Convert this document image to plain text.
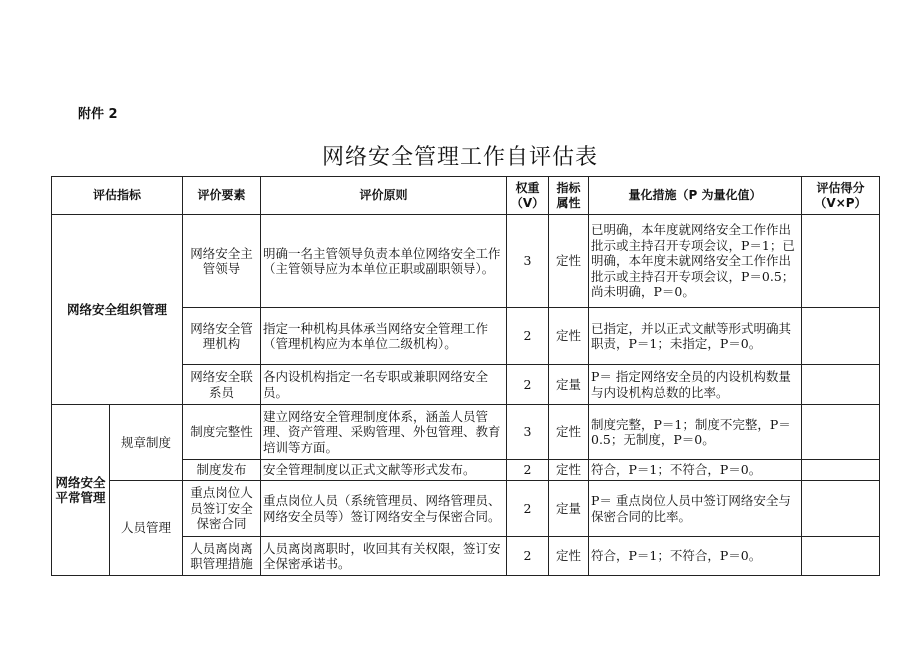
附件 2
网络安全管理工作自评估表
评估指标		评价要素	评价原则	权重（V）	指标属性	量化措施（P 为量化值）	评估得分（V×P）
网络安全组织管理		网络安全主管领导	明确一名主管领导负责本单位网络安全工作（主管领导应为本单位正职或副职领导）。	3	定性	已明确，本年度就网络安全工作作出批示或主持召开专项会议，P＝1；已明确，本年度未就网络安全工作作出批示或主持召开专项会议，P＝0.5；尚未明确，P＝0。	
		网络安全管理机构	指定一种机构具体承当网络安全管理工作（管理机构应为本单位二级机构）。	2	定性	已指定，并以正式文献等形式明确其职责，P＝1；未指定，P＝0。	
		网络安全联系员	各内设机构指定一名专职或兼职网络安全员。	2	定量	P＝ 指定网络安全员的内设机构数量与内设机构总数的比率。	
网络安全平常管理	规章制度	制度完整性	建立网络安全管理制度体系，涵盖人员管理、资产管理、采购管理、外包管理、教育培训等方面。	3	定性	制度完整，P＝1；制度不完整，P＝0.5；无制度，P＝0。	
		制度发布	安全管理制度以正式文献等形式发布。	2	定性	符合，P＝1；不符合，P＝0。	
	人员管理	重点岗位人员签订安全保密合同	重点岗位人员（系统管理员、网络管理员、网络安全员等）签订网络安全与保密合同。	2	定量	P＝ 重点岗位人员中签订网络安全与保密合同的比率。	
		人员离岗离职管理措施	人员离岗离职时，收回其有关权限，签订安全保密承诺书。	2	定性	符合，P＝1；不符合，P＝0。	
